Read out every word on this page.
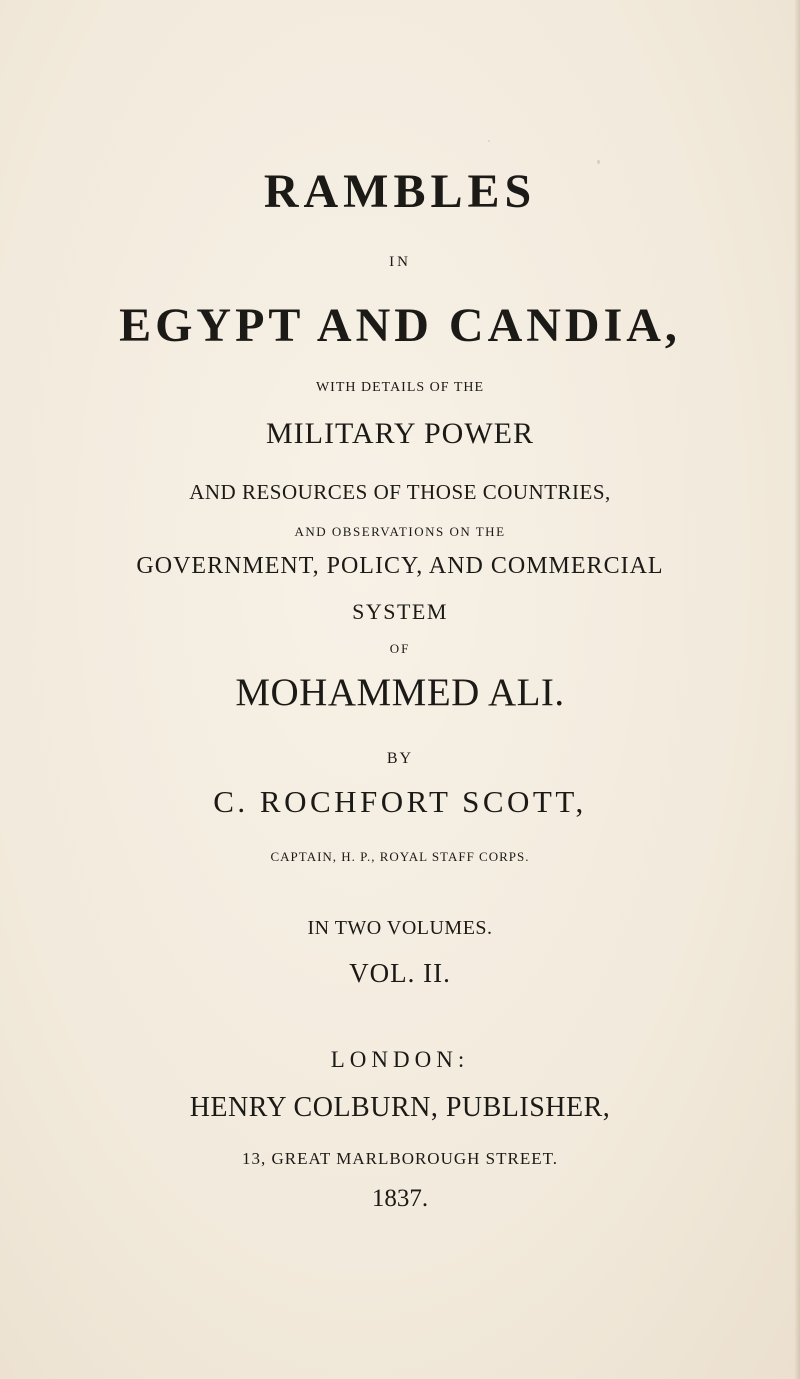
RAMBLES

IN

EGYPT AND CANDIA,

WITH DETAILS OF THE

MILITARY POWER

AND RESOURCES OF THOSE COUNTRIES,

AND OBSERVATIONS ON THE

GOVERNMENT, POLICY, AND COMMERCIAL

SYSTEM

OF

MOHAMMED ALI.

BY

C. ROCHFORT SCOTT,

CAPTAIN, H. P., ROYAL STAFF CORPS.

IN TWO VOLUMES.

VOL. II.

LONDON:

HENRY COLBURN, PUBLISHER,

13, GREAT MARLBOROUGH STREET.

1837.
